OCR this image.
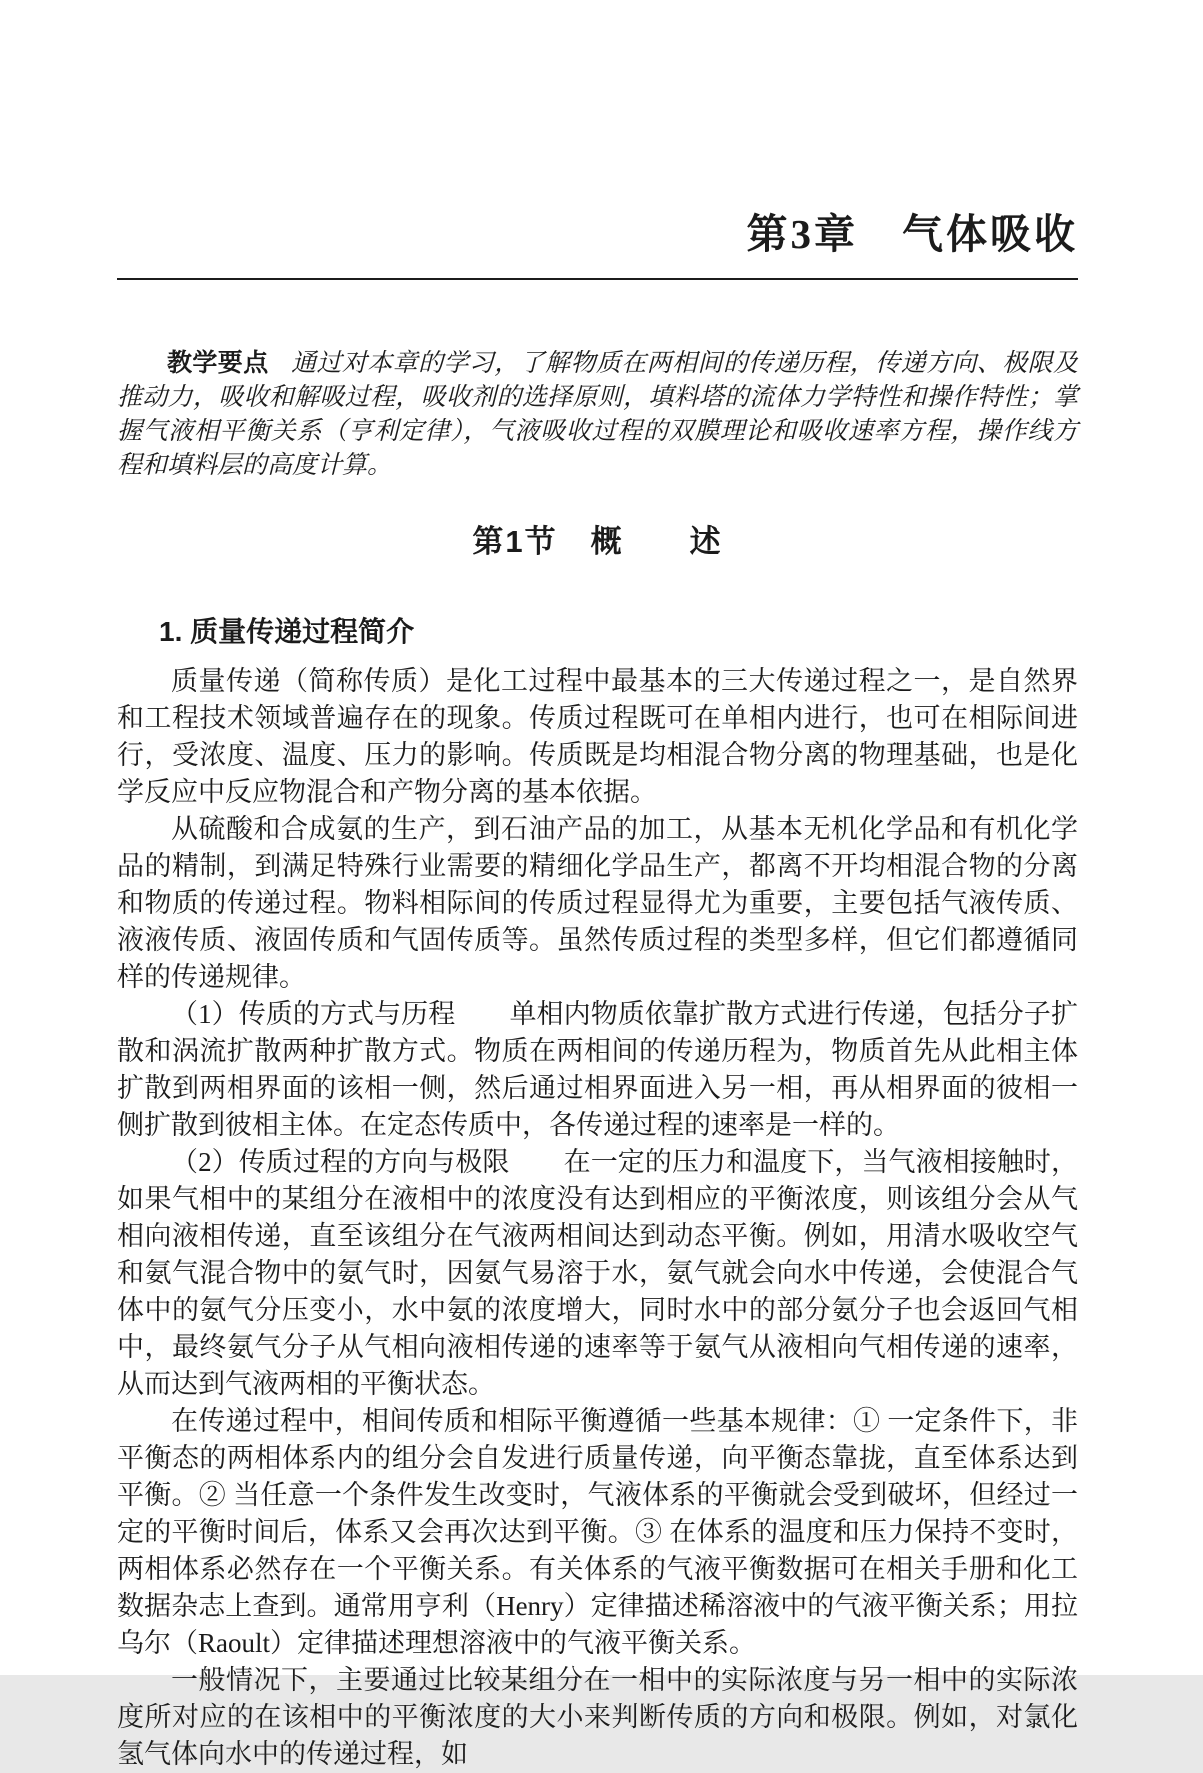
第3章　气体吸收

教学要点 通过对本章的学习，了解物质在两相间的传递历程，传递方向、极限及推动力，吸收和解吸过程，吸收剂的选择原则，填料塔的流体力学特性和操作特性；掌握气液相平衡关系（亨利定律），气液吸收过程的双膜理论和吸收速率方程，操作线方程和填料层的高度计算。

第1节　概　　述
1. 质量传递过程简介

质量传递（简称传质）是化工过程中最基本的三大传递过程之一，是自然界和工程技术领域普遍存在的现象。传质过程既可在单相内进行，也可在相际间进行，受浓度、温度、压力的影响。传质既是均相混合物分离的物理基础，也是化学反应中反应物混合和产物分离的基本依据。

从硫酸和合成氨的生产，到石油产品的加工，从基本无机化学品和有机化学品的精制，到满足特殊行业需要的精细化学品生产，都离不开均相混合物的分离和物质的传递过程。物料相际间的传质过程显得尤为重要，主要包括气液传质、液液传质、液固传质和气固传质等。虽然传质过程的类型多样，但它们都遵循同样的传递规律。

（1）传质的方式与历程　　单相内物质依靠扩散方式进行传递，包括分子扩散和涡流扩散两种扩散方式。物质在两相间的传递历程为，物质首先从此相主体扩散到两相界面的该相一侧，然后通过相界面进入另一相，再从相界面的彼相一侧扩散到彼相主体。在定态传质中，各传递过程的速率是一样的。

（2）传质过程的方向与极限　　在一定的压力和温度下，当气液相接触时，如果气相中的某组分在液相中的浓度没有达到相应的平衡浓度，则该组分会从气相向液相传递，直至该组分在气液两相间达到动态平衡。例如，用清水吸收空气和氨气混合物中的氨气时，因氨气易溶于水，氨气就会向水中传递，会使混合气体中的氨气分压变小，水中氨的浓度增大，同时水中的部分氨分子也会返回气相中，最终氨气分子从气相向液相传递的速率等于氨气从液相向气相传递的速率，从而达到气液两相的平衡状态。

在传递过程中，相间传质和相际平衡遵循一些基本规律：① 一定条件下，非平衡态的两相体系内的组分会自发进行质量传递，向平衡态靠拢，直至体系达到平衡。② 当任意一个条件发生改变时，气液体系的平衡就会受到破坏，但经过一定的平衡时间后，体系又会再次达到平衡。③ 在体系的温度和压力保持不变时，两相体系必然存在一个平衡关系。有关体系的气液平衡数据可在相关手册和化工数据杂志上查到。通常用亨利（Henry）定律描述稀溶液中的气液平衡关系；用拉乌尔（Raoult）定律描述理想溶液中的气液平衡关系。

一般情况下，主要通过比较某组分在一相中的实际浓度与另一相中的实际浓度所对应的在该相中的平衡浓度的大小来判断传质的方向和极限。例如，对氯化氢气体向水中的传递过程，如
